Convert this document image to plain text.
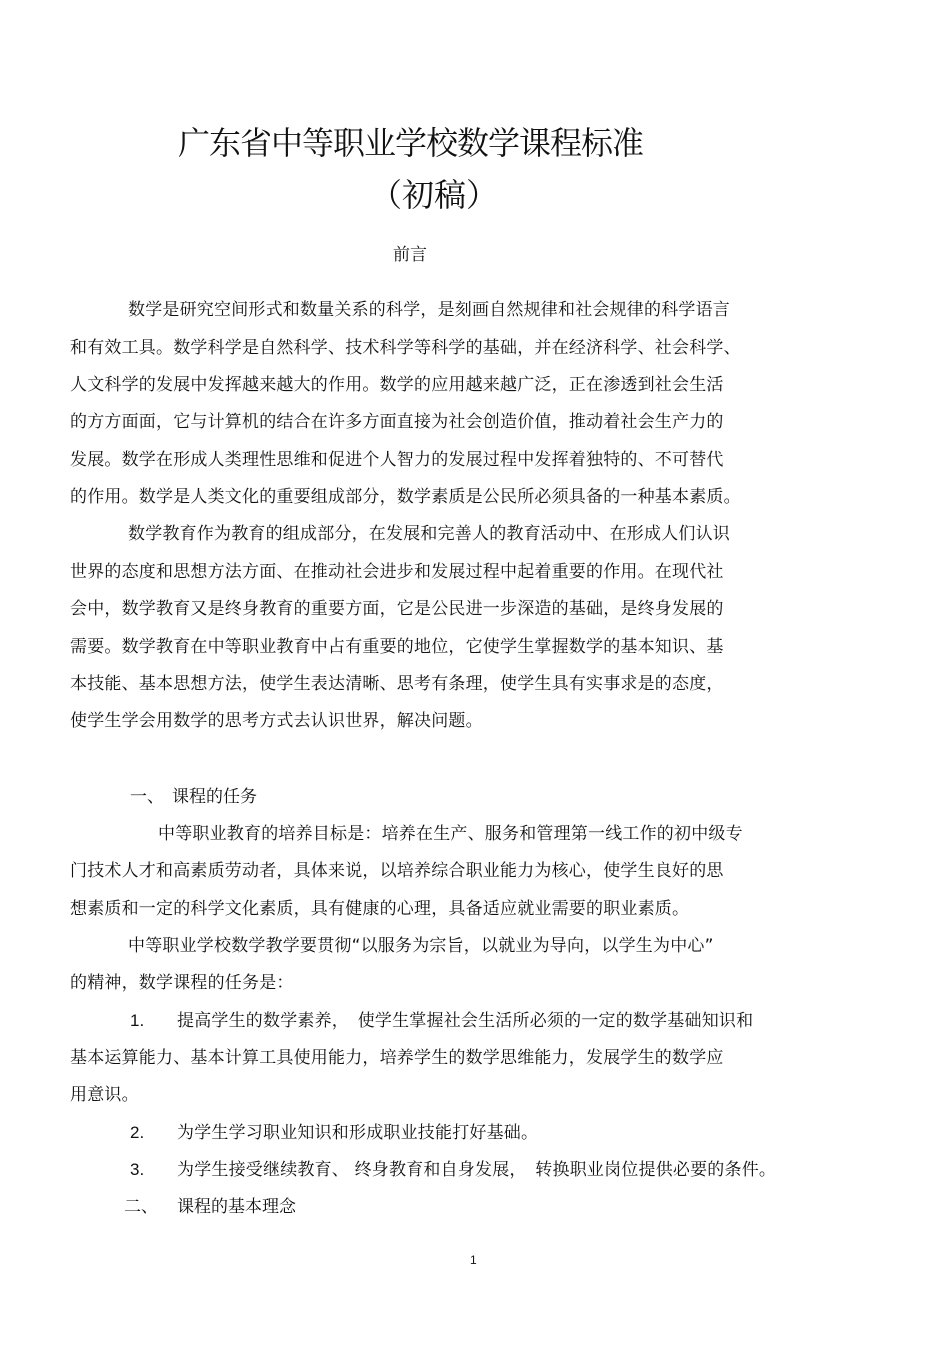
广东省中等职业学校数学课程标准
（初稿）
前言
数学是研究空间形式和数量关系的科学，是刻画自然规律和社会规律的科学语言
和有效工具。数学科学是自然科学、技术科学等科学的基础，并在经济科学、社会科学、
人文科学的发展中发挥越来越大的作用。数学的应用越来越广泛，正在渗透到社会生活
的方方面面，它与计算机的结合在许多方面直接为社会创造价值，推动着社会生产力的
发展。数学在形成人类理性思维和促进个人智力的发展过程中发挥着独特的、不可替代
的作用。数学是人类文化的重要组成部分，数学素质是公民所必须具备的一种基本素质。
数学教育作为教育的组成部分，在发展和完善人的教育活动中、在形成人们认识
世界的态度和思想方法方面、在推动社会进步和发展过程中起着重要的作用。在现代社
会中，数学教育又是终身教育的重要方面，它是公民进一步深造的基础，是终身发展的
需要。数学教育在中等职业教育中占有重要的地位，它使学生掌握数学的基本知识、基
本技能、基本思想方法，使学生表达清晰、思考有条理，使学生具有实事求是的态度，
使学生学会用数学的思考方式去认识世界，解决问题。
一、 课程的任务
中等职业教育的培养目标是：培养在生产、服务和管理第一线工作的初中级专
门技术人才和高素质劳动者，具体来说，以培养综合职业能力为核心，使学生良好的思
想素质和一定的科学文化素质，具有健康的心理，具备适应就业需要的职业素质。
中等职业学校数学教学要贯彻“以服务为宗旨，以就业为导向，以学生为中心”
的精神，数学课程的任务是：
1. 提高学生的数学素养，　使学生掌握社会生活所必须的一定的数学基础知识和
基本运算能力、基本计算工具使用能力，培养学生的数学思维能力，发展学生的数学应
用意识。
2. 为学生学习职业知识和形成职业技能打好基础。
3. 为学生接受继续教育、 终身教育和自身发展，　转换职业岗位提供必要的条件。
二、 课程的基本理念
1
